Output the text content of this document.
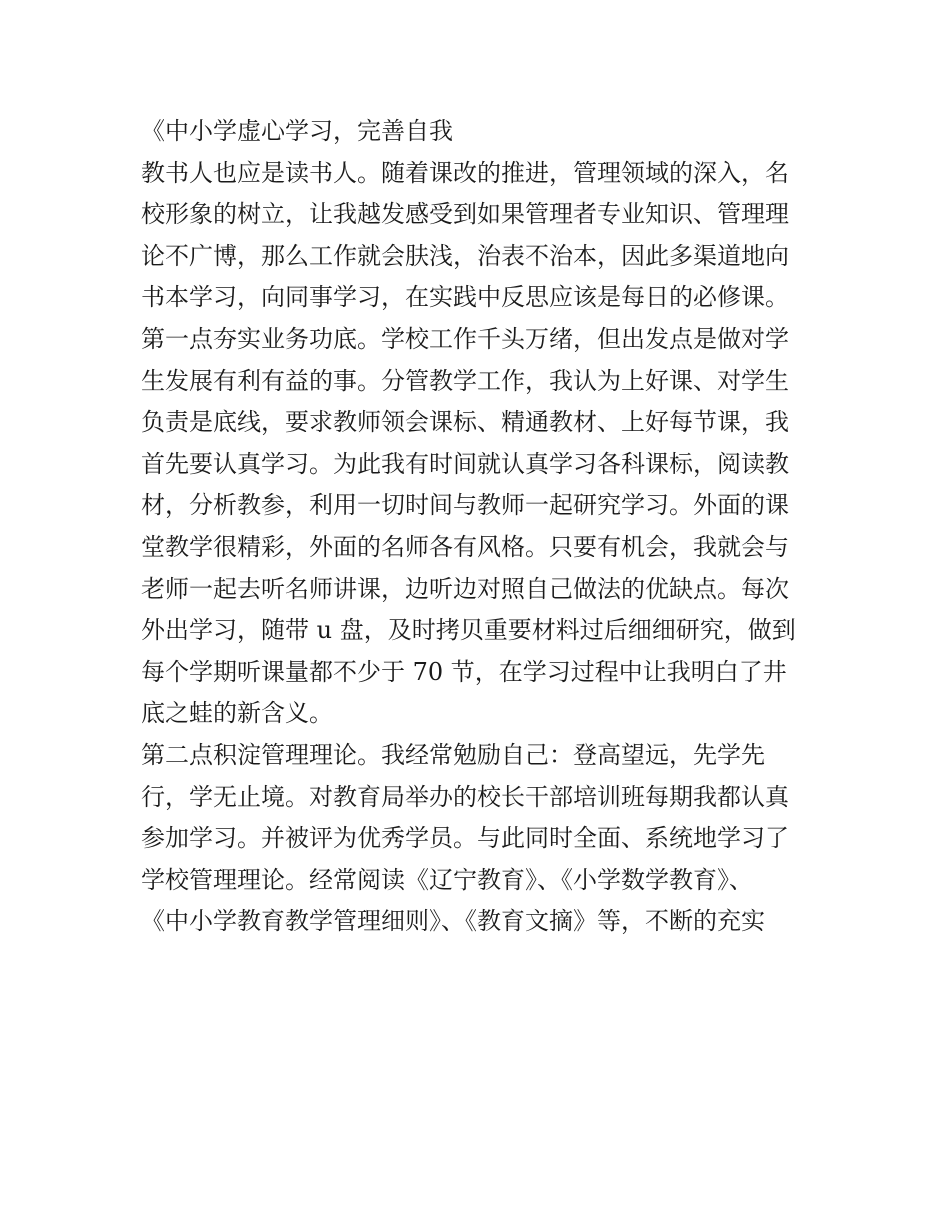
《中小学虚心学习，完善自我
教书人也应是读书人。随着课改的推进，管理领域的深入，名
校形象的树立，让我越发感受到如果管理者专业知识、管理理
论不广博，那么工作就会肤浅，治表不治本，因此多渠道地向
书本学习，向同事学习，在实践中反思应该是每日的必修课。
第一点夯实业务功底。学校工作千头万绪，但出发点是做对学
生发展有利有益的事。分管教学工作，我认为上好课、对学生
负责是底线，要求教师领会课标、精通教材、上好每节课，我
首先要认真学习。为此我有时间就认真学习各科课标，阅读教
材，分析教参，利用一切时间与教师一起研究学习。外面的课
堂教学很精彩，外面的名师各有风格。只要有机会，我就会与
老师一起去听名师讲课，边听边对照自己做法的优缺点。每次
外出学习，随带 u 盘，及时拷贝重要材料过后细细研究，做到
每个学期听课量都不少于 70 节，在学习过程中让我明白了井
底之蛙的新含义。
第二点积淀管理理论。我经常勉励自己：登高望远，先学先
行，学无止境。对教育局举办的校长干部培训班每期我都认真
参加学习。并被评为优秀学员。与此同时全面、系统地学习了
学校管理理论。经常阅读《辽宁教育》、《小学数学教育》、
《中小学教育教学管理细则》、《教育文摘》等，不断的充实
